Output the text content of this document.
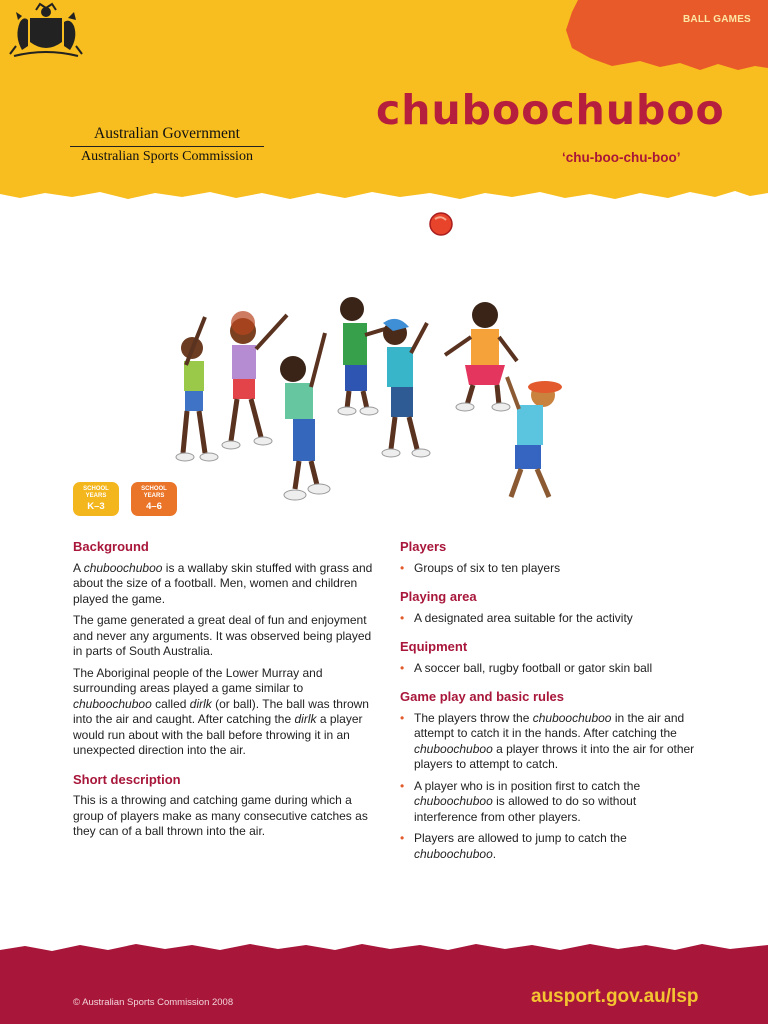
BALL GAMES
Australian Government
Australian Sports Commission
chuboochuboo
‘chu-boo-chu-boo’
SCHOOL YEARS
K–3
SCHOOL YEARS
4–6
Background

A chuboochuboo is a wallaby skin stuffed with grass and about the size of a football. Men, women and children played the game.

The game generated a great deal of fun and enjoyment and never any arguments. It was observed being played in parts of South Australia.

The Aboriginal people of the Lower Murray and surrounding areas played a game similar to chuboochuboo called dirlk (or ball). The ball was thrown into the air and caught. After catching the dirlk a player would run about with the ball before throwing it in an unexpected direction into the air.

Short description

This is a throwing and catching game during which a group of players make as many consecutive catches as they can of a ball thrown into the air.

Players
• Groups of six to ten players
Playing area
• A designated area suitable for the activity
Equipment
• A soccer ball, rugby football or gator skin ball
Game play and basic rules
• The players throw the chuboochuboo in the air and attempt to catch it in the hands. After catching the chuboochuboo a player throws it into the air for other players to attempt to catch.
• A player who is in position first to catch the chuboochuboo is allowed to do so without interference from other players.
• Players are allowed to jump to catch the chuboochuboo.
© Australian Sports Commission 2008	ausport.gov.au/lsp
